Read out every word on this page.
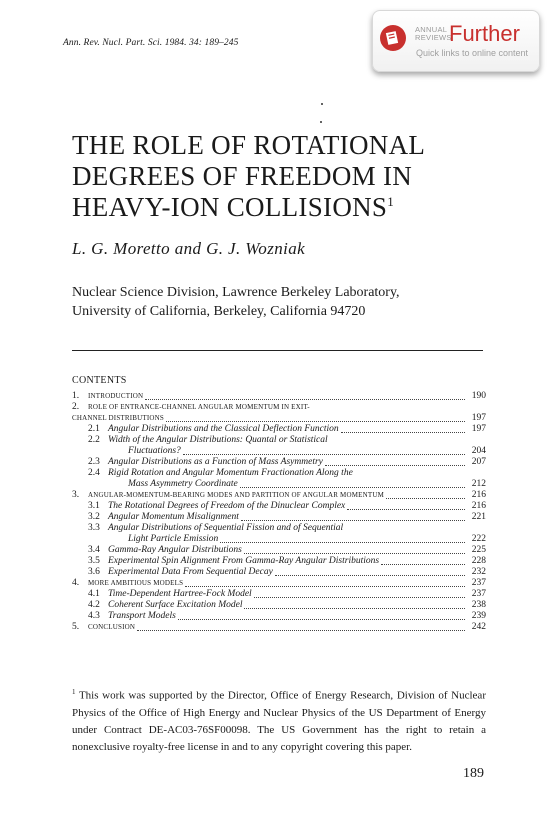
Ann. Rev. Nucl. Part. Sci. 1984. 34: 189–245
ANNUAL
REVIEWS
Further
Quick links to online content
THE ROLE OF ROTATIONAL
DEGREES OF FREEDOM IN
HEAVY-ION COLLISIONS$^1$
L. G. Moretto and G. J. Wozniak
Nuclear Science Division, Lawrence Berkeley Laboratory,
University of California, Berkeley, California 94720
CONTENTS
1.	INTRODUCTION	190
2.	ROLE OF ENTRANCE-CHANNEL ANGULAR MOMENTUM IN EXIT-
CHANNEL DISTRIBUTIONS	197
2.1 Angular Distributions and the Classical Deflection Function	197
2.2 Width of the Angular Distributions: Quantal or Statistical
Fluctuations?	204
2.3 Angular Distributions as a Function of Mass Asymmetry	207
2.4 Rigid Rotation and Angular Momentum Fractionation Along the
Mass Asymmetry Coordinate	212
3.	ANGULAR-MOMENTUM-BEARING MODES AND PARTITION OF ANGULAR MOMENTUM	216
3.1 The Rotational Degrees of Freedom of the Dinuclear Complex	216
3.2 Angular Momentum Misalignment	221
3.3 Angular Distributions of Sequential Fission and of Sequential
Light Particle Emission	222
3.4 Gamma-Ray Angular Distributions	225
3.5 Experimental Spin Alignment From Gamma-Ray Angular Distributions	228
3.6 Experimental Data From Sequential Decay	232
4.	MORE AMBITIOUS MODELS	237
4.1 Time-Dependent Hartree-Fock Model	237
4.2 Coherent Surface Excitation Model	238
4.3 Transport Models	239
5.	CONCLUSION	242
$^1$ This work was supported by the Director, Office of Energy Research, Division of Nuclear Physics of the Office of High Energy and Nuclear Physics of the US Department of Energy under Contract DE-AC03-76SF00098. The US Government has the right to retain a nonexclusive royalty-free license in and to any copyright covering this paper.
189
